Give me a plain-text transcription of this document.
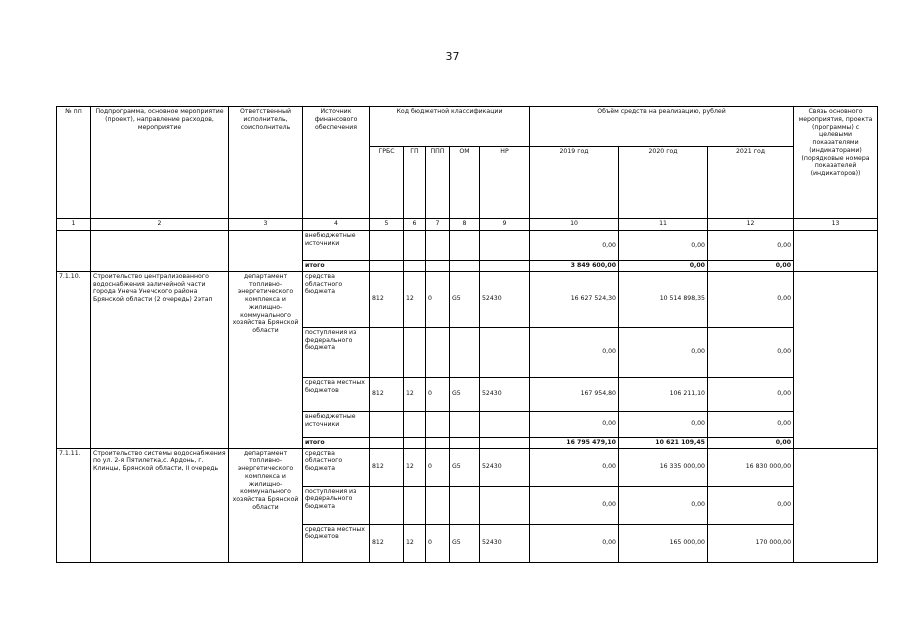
37
№ пп	Подпрограмма, основное мероприятие (проект), направление расходов, мероприятие	Ответственный исполнитель, соисполнитель	Источник финансового обеспечения	Код бюджетной классификации					Объём средств на реализацию, рублей			Связь основного мероприятия, проекта (программы) с целевыми показателями (индикаторами) (порядковые номера показателей (индикаторов))
				ГРБС	ГП	ППП	ОМ	НР	2019 год	2020 год	2021 год	
1	2	3	4	5	6	7	8	9	10	11	12	13
			внебюджетные источники						0,00	0,00	0,00	
			итого						3 849 600,00	0,00	0,00	
7.1.10.	Строительство централизованного водоснабжения заличейной части города Унеча Унечского района Брянской области (2 очередь) 2этап	департамент топливно-энергетического комплекса и жилищно-коммунального хозяйства Брянской области	средства областного бюджета	812	12	0	G5	52430	16 627 524,30	10 514 898,35	0,00	
			поступления из федерального бюджета						0,00	0,00	0,00	
			средства местных бюджетов	812	12	0	G5	52430	167 954,80	106 211,10	0,00	
			внебюджетные источники						0,00	0,00	0,00	
			итого						16 795 479,10	10 621 109,45	0,00	
7.1.11.	Строительство системы водоснабжения по ул. 2-я Пятилетка,с. Ардонь, г. Клинцы, Брянской области, II очередь	департамент топливно-энергетического комплекса и жилищно-коммунального хозяйства Брянской области	средства областного бюджета	812	12	0	G5	52430	0,00	16 335 000,00	16 830 000,00	
			поступления из федерального бюджета						0,00	0,00	0,00	
			средства местных бюджетов	812	12	0	G5	52430	0,00	165 000,00	170 000,00	
